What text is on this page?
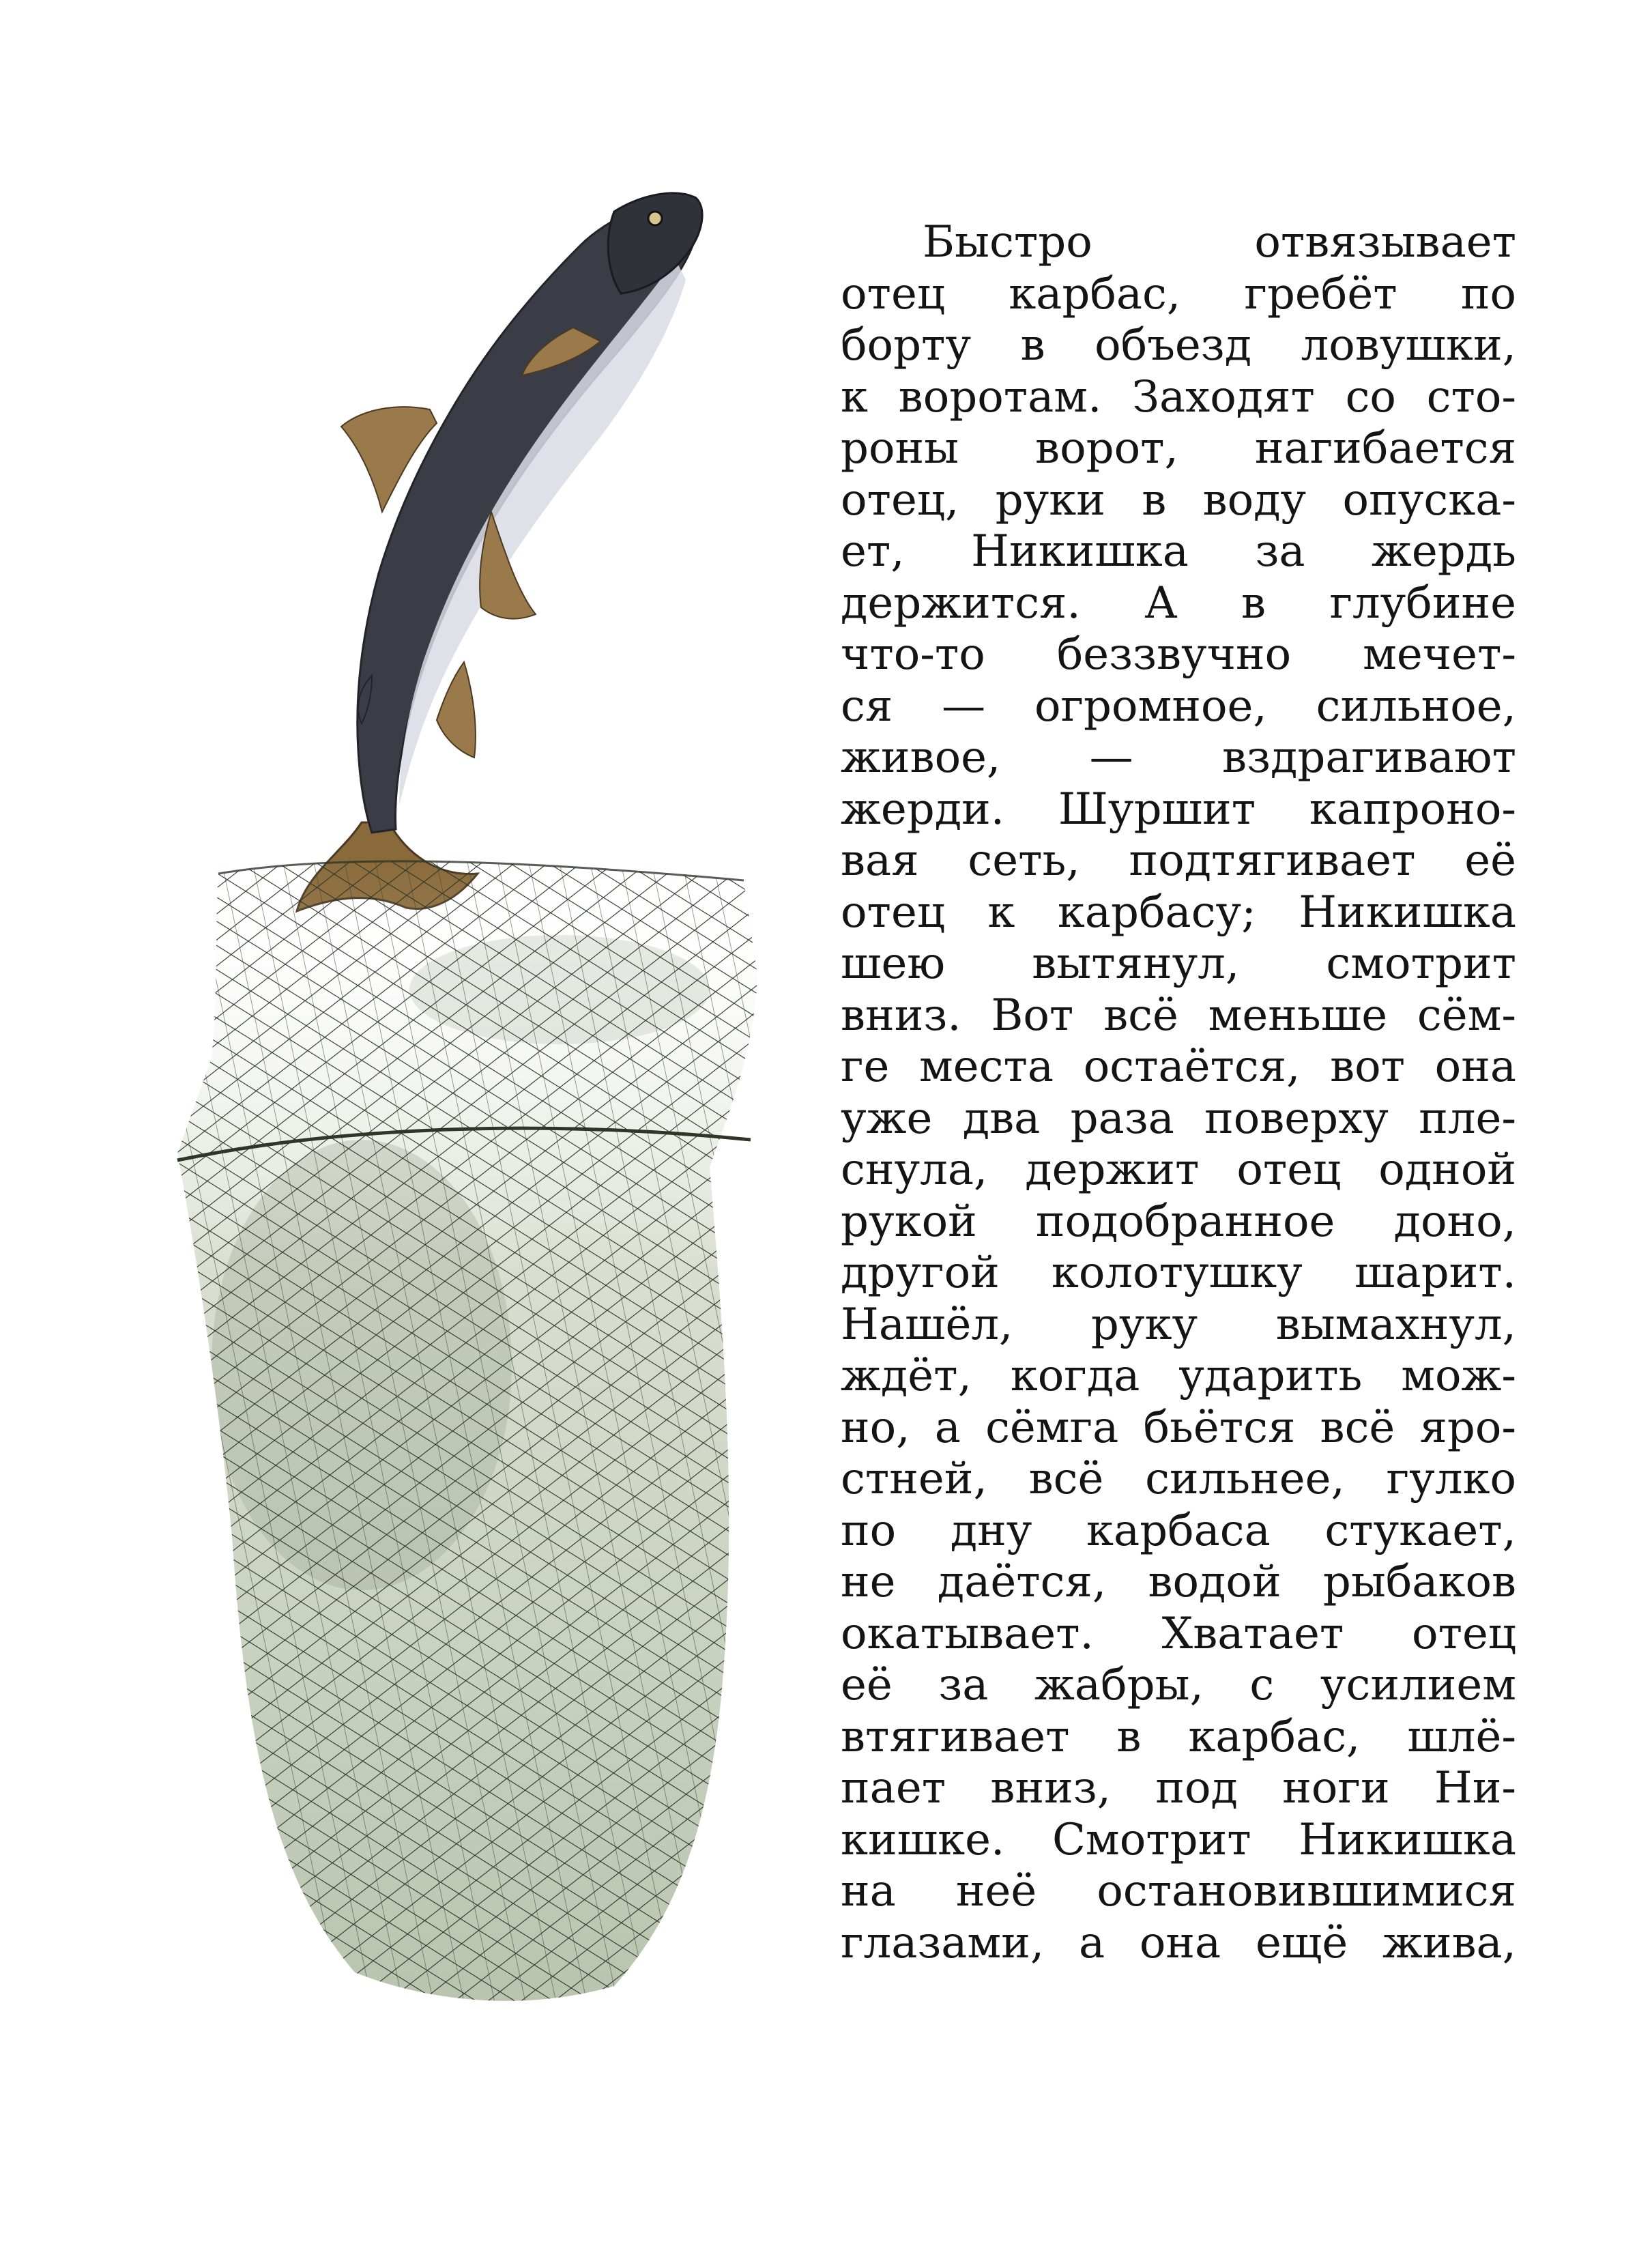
Быстро отвязывает
отец карбас, гребёт по
борту в объезд ловушки,
к воротам. Заходят со сто-
роны ворот, нагибается
отец, руки в воду опуска-
ет, Никишка за жердь
держится. А в глубине
что-то беззвучно мечет-
ся — огромное, сильное,
живое, — вздрагивают
жерди. Шуршит капроно-
вая сеть, подтягивает её
отец к карбасу; Никишка
шею вытянул, смотрит
вниз. Вот всё меньше сём-
ге места остаётся, вот она
уже два раза поверху пле-
снула, держит отец одной
рукой подобранное доно,
другой колотушку шарит.
Нашёл, руку вымахнул,
ждёт, когда ударить мож-
но, а сёмга бьётся всё яро-
стней, всё сильнее, гулко
по дну карбаса стукает,
не даётся, водой рыбаков
окатывает. Хватает отец
её за жабры, с усилием
втягивает в карбас, шлё-
пает вниз, под ноги Ни-
кишке. Смотрит Никишка
на неё остановившимися
глазами, а она ещё жива,
